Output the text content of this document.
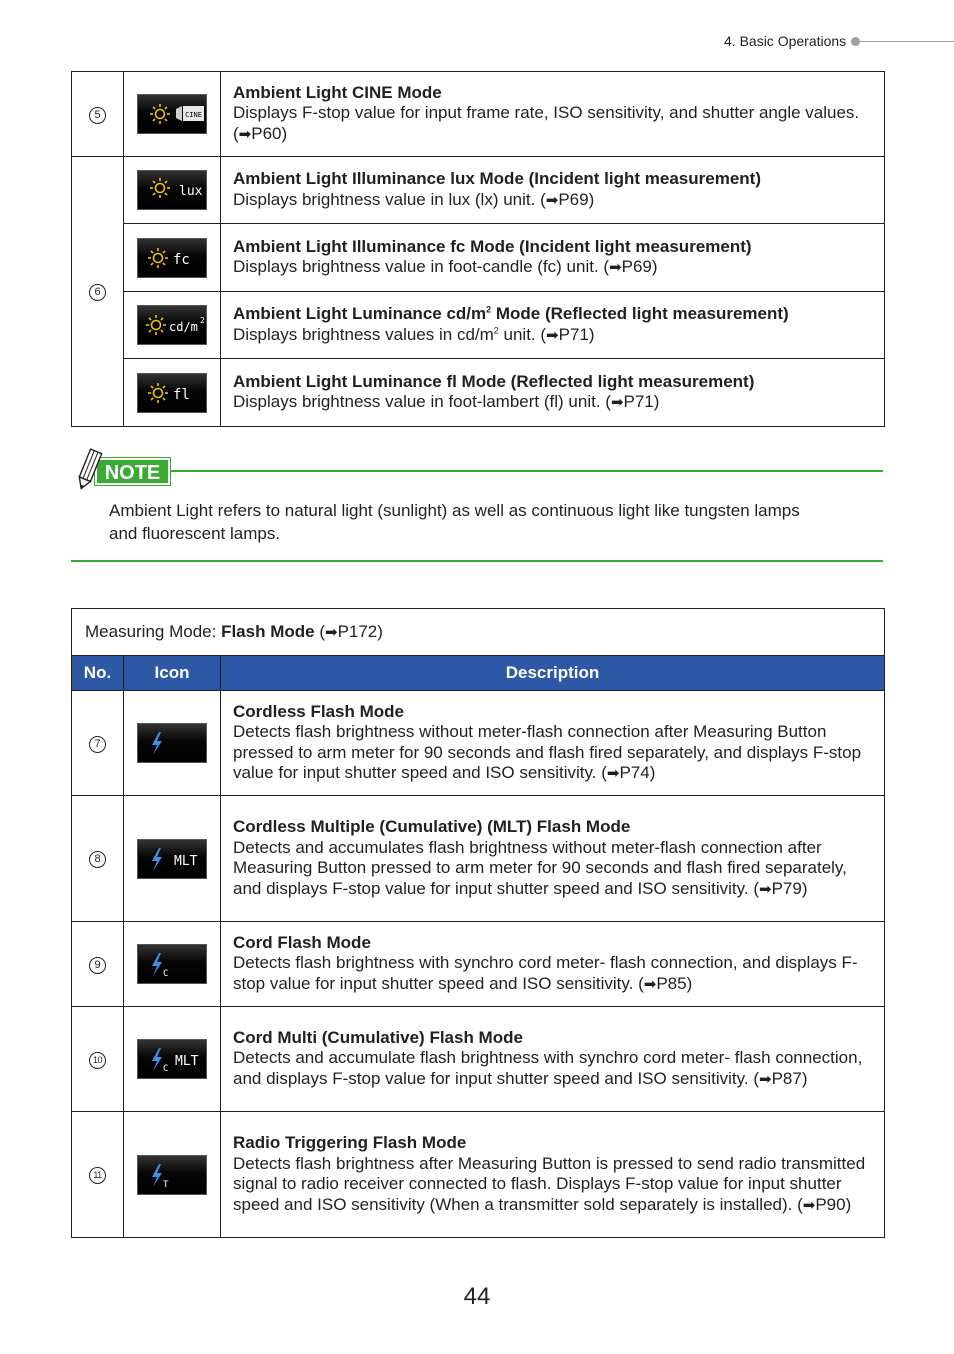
4. Basic Operations
5	CINE	Ambient Light CINE Mode
Displays F-stop value for input frame rate, ISO sensitivity, and shutter angle values. (➡P60)
6	lux	Ambient Light Illuminance lux Mode (Incident light measurement)
Displays brightness value in lux (lx) unit. (➡P69)

fc	Ambient Light Illuminance fc Mode (Incident light measurement)
Displays brightness value in foot-candle (fc) unit. (➡P69)

cd/m 2	Ambient Light Luminance $cd/m^2$ Mode (Reflected light measurement)
Displays brightness values in $cd/m^2$ unit. (➡P71)

fl	Ambient Light Luminance fl Mode (Reflected light measurement)
Displays brightness value in foot-lambert (fl) unit. (➡P71)
NOTE
Ambient Light refers to natural light (sunlight) as well as continuous light like tungsten lamps and fluorescent lamps.
Measuring Mode: Flash Mode (➡P172)		
No.	Icon	Description
7		Cordless Flash Mode
Detects flash brightness without meter-flash connection after Measuring Button pressed to arm meter for 90 seconds and flash fired separately, and displays F-stop value for input shutter speed and ISO sensitivity. (➡P74)
8	MLT	Cordless Multiple (Cumulative) (MLT) Flash Mode
Detects and accumulates flash brightness without meter-flash connection after Measuring Button pressed to arm meter for 90 seconds and flash fired separately, and displays F-stop value for input shutter speed and ISO sensitivity. (➡P79)
9	C	Cord Flash Mode
Detects flash brightness with synchro cord meter- flash connection, and displays F-stop value for input shutter speed and ISO sensitivity. (➡P85)
10	C MLT	Cord Multi (Cumulative) Flash Mode
Detects and accumulate flash brightness with synchro cord meter- flash connection, and displays F-stop value for input shutter speed and ISO sensitivity. (➡P87)
11	T	Radio Triggering Flash Mode
Detects flash brightness after Measuring Button is pressed to send radio transmitted signal to radio receiver connected to flash. Displays F-stop value for input shutter speed and ISO sensitivity (When a transmitter sold separately is installed). (➡P90)
44
